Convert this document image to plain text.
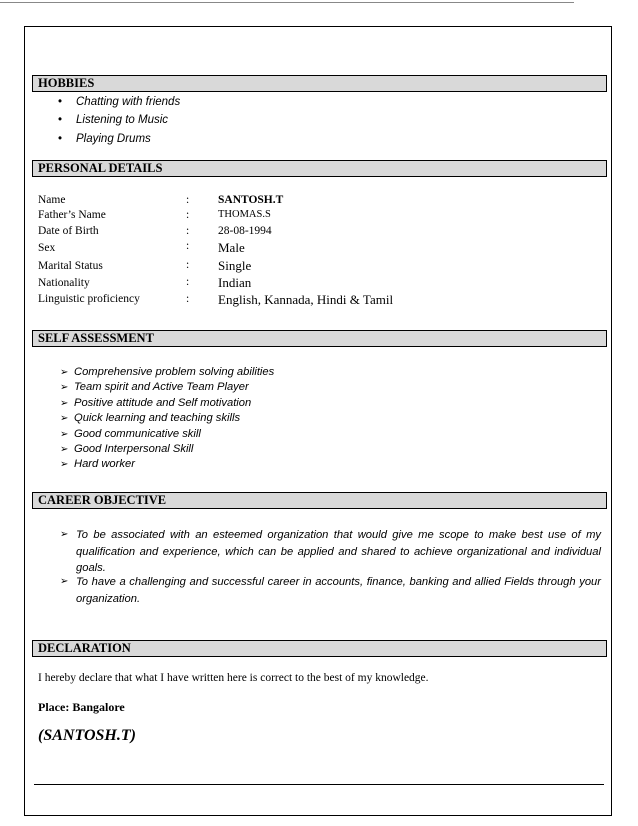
HOBBIES
• Chatting with friends
• Listening to Music
• Playing Drums
PERSONAL DETAILS
Name	:	SANTOSH.T
Father’s Name	:	THOMAS.S
Date of Birth	:	28-08-1994
Sex	: Male
Marital Status	: Single
Nationality	: Indian
Linguistic proficiency	: English, Kannada, Hindi & Tamil
SELF ASSESSMENT
➢ Comprehensive problem solving abilities
➢ Team spirit and Active Team Player
➢ Positive attitude and Self motivation
➢ Quick learning and teaching skills
➢ Good communicative skill
➢ Good Interpersonal Skill
➢ Hard worker
CAREER OBJECTIVE
➢ To be associated with an esteemed organization that would give me scope to make best use of my qualification and experience, which can be applied and shared to achieve organizational and individual goals.
➢ To have a challenging and successful career in accounts, finance, banking and allied Fields through your organization.
DECLARATION
I hereby declare that what I have written here is correct to the best of my knowledge.
Place: Bangalore
(SANTOSH.T)
